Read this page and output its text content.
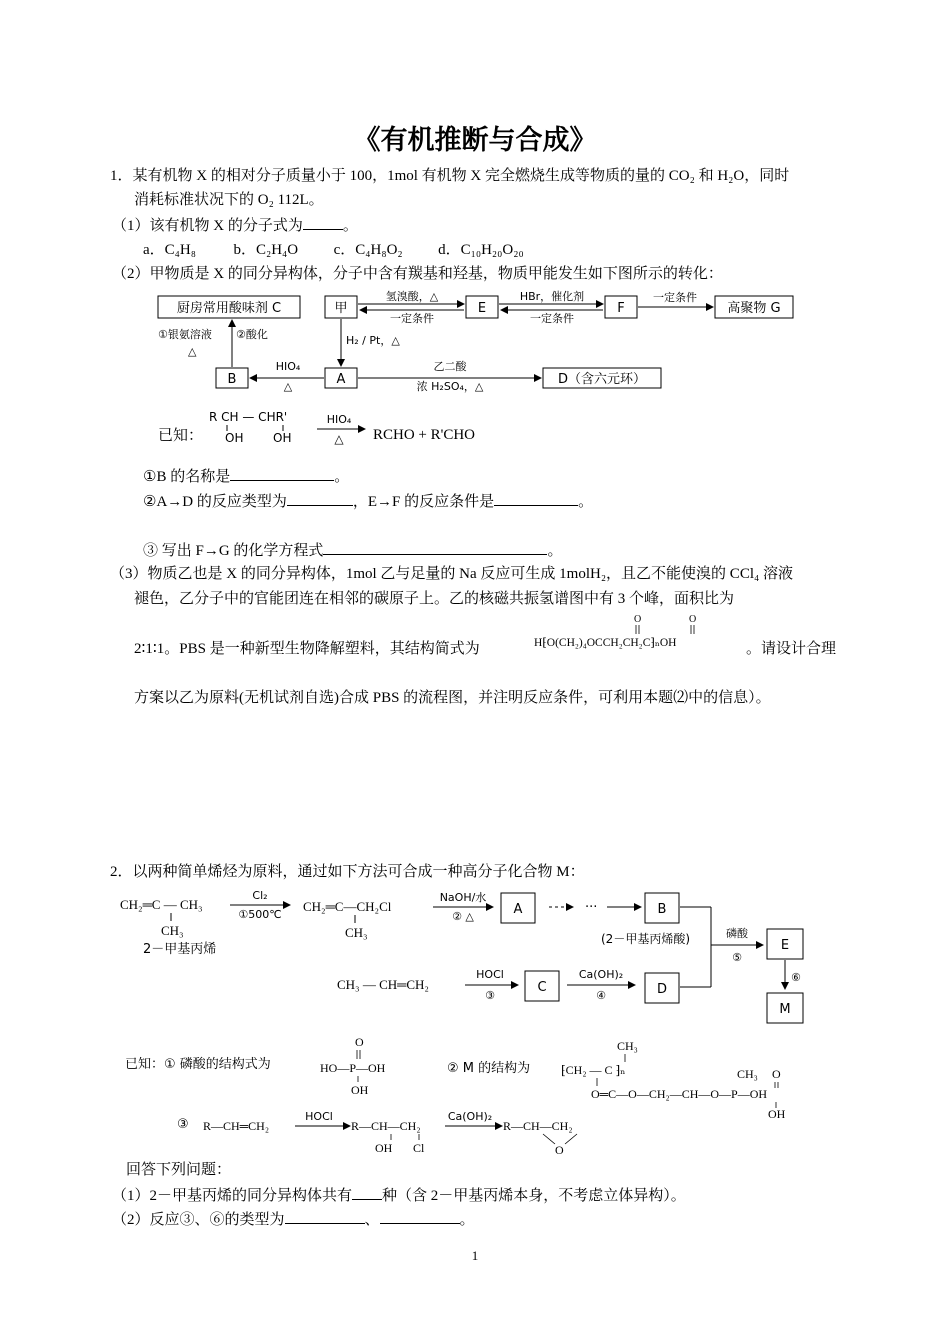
《有机推断与合成》
1．某有机物 X 的相对分子质量小于 100，1mol 有机物 X 完全燃烧生成等物质的量的 CO₂ 和 H₂O，同时
消耗标准状况下的 O₂ 112L。
（1）该有机物 X 的分子式为	。
a．C₄H₈	b．C₂H₄O c．C₄H₈O₂ d．C₁₀H₂₀O₂₀
（2）甲物质是 X 的同分异构体，分子中含有羰基和羟基，物质甲能发生如下图所示的转化：
厨房常用酸味剂 C	甲	E	F	高聚物 G
B	A	D（含六元环）
氢溴酸，△
一定条件
HBr，催化剂
一定条件
一定条件
①银氨溶液 ②酸化
△
H₂ / Pt，△
HIO₄
△
乙二酸
浓 H₂SO₄，△
已知：
R CH — CHR'
OH OH
HIO₄
△ RCHO + R'CHO
①B 的名称是	。
②A→D 的反应类型为	，E→F 的反应条件是	。
③ 写出 F→G 的化学方程式	。
（3）物质乙也是 X 的同分异构体，1mol 乙与足量的 Na 反应可生成 1molH₂，且乙不能使溴的 CCl₄ 溶液
褪色，乙分子中的官能团连在相邻的碳原子上。乙的核磁共振氢谱图中有 3 个峰，面积比为
2∶1∶1。PBS 是一种新型生物降解塑料，其结构简式为
O	O
H⁅O(CH₂)₄OCCH₂CH₂C⁆ₙOH	。请设计合理
方案以乙为原料(无机试剂自选)合成 PBS 的流程图，并注明反应条件，可利用本题⑵中的信息）。
2．以两种简单烯烃为原料，通过如下方法可合成一种高分子化合物 M：
CH₂═C — CH₃
CH₃
2－甲基丙烯
Cl₂
①500℃
CH₂═C—CH₂Cl
CH₃
NaOH/水
② △	A	···	B
(2－甲基丙烯酸)
CH₃ — CH═CH₂
HOCl
③
C
Ca(OH)₂
④	D
磷酸
⑤
E
⑥
M
已知：① 磷酸的结构式为
O
HO—P—OH
OH
② M 的结构为
CH₃
⁅CH₂ — C ⁆ₙ
O═C—O—CH₂—CH—O—P—OH
CH₃ O
OH
③ R—CH═CH₂
HOCl
R—CH—CH₂
OH Cl
Ca(OH)₂
R—CH—CH₂
O
回答下列问题：
（1）2－甲基丙烯的同分异构体共有 种（含 2－甲基丙烯本身，不考虑立体异构）。
（2）反应③、⑥的类型为	、	。
1
